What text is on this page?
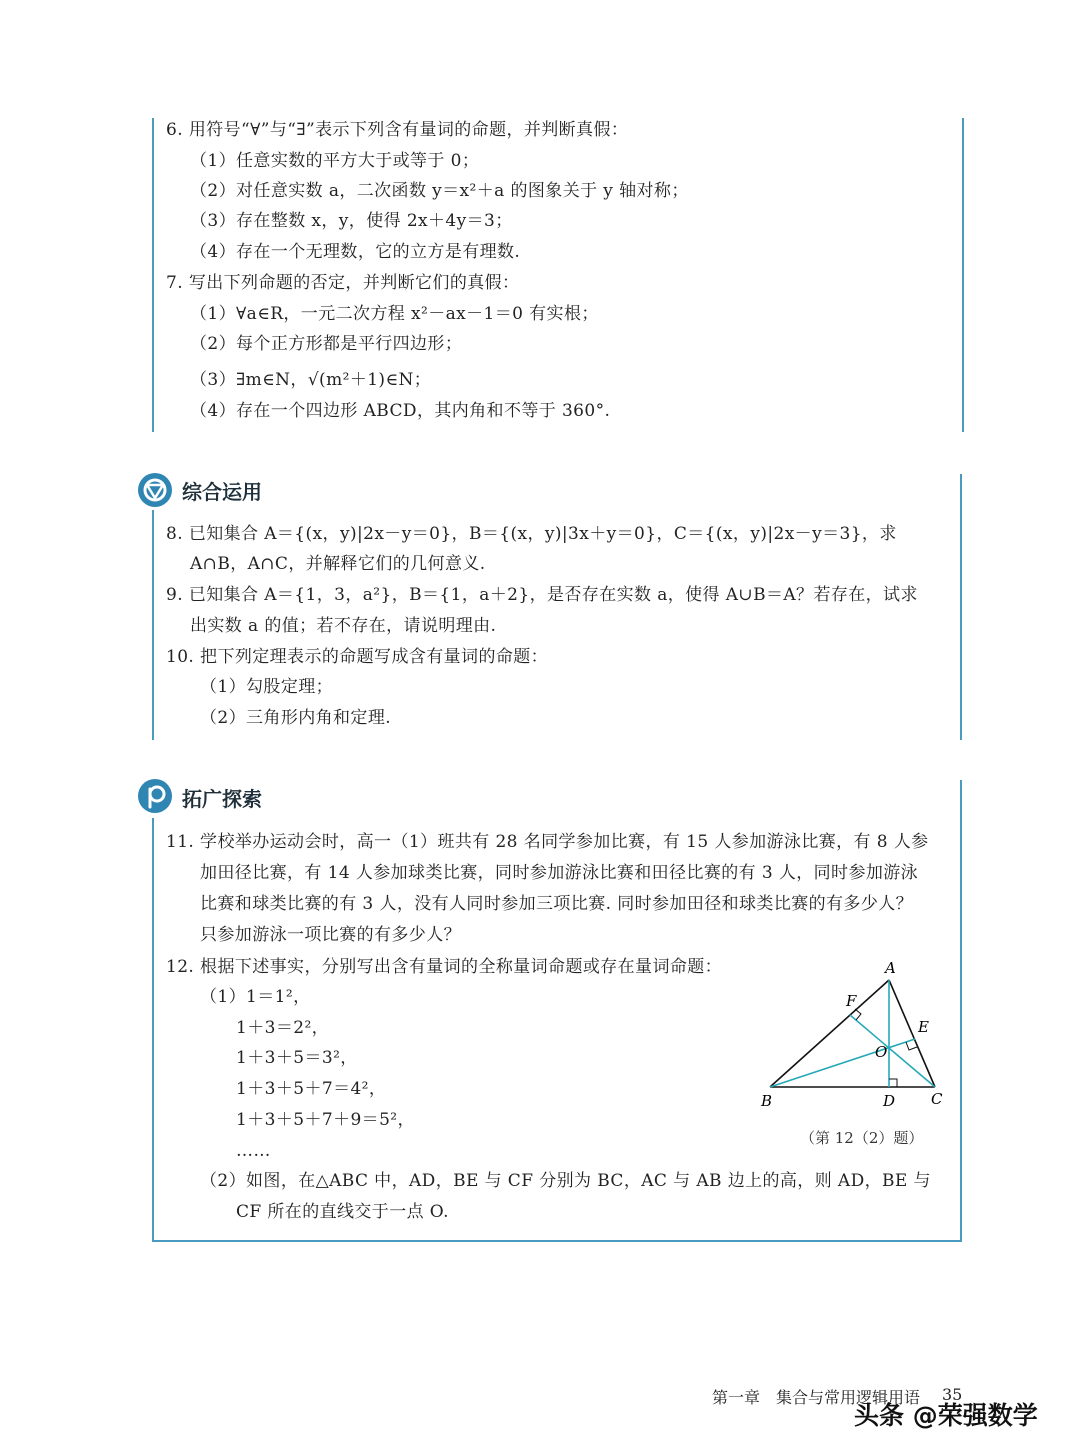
6. 用符号“∀”与“∃”表示下列含有量词的命题，并判断真假：
（1）任意实数的平方大于或等于 0；
（2）对任意实数 a，二次函数 y＝x²＋a 的图象关于 y 轴对称；
（3）存在整数 x，y，使得 2x＋4y＝3；
（4）存在一个无理数，它的立方是有理数.
7. 写出下列命题的否定，并判断它们的真假：
（1）∀a∈R，一元二次方程 x²－ax－1＝0 有实根；
（2）每个正方形都是平行四边形；
（3）∃m∈N，√(m²＋1)∈N；
（4）存在一个四边形 ABCD，其内角和不等于 360°.
综合运用
8. 已知集合 A＝{(x，y)|2x－y＝0}，B＝{(x，y)|3x＋y＝0}，C＝{(x，y)|2x－y＝3}，求
A∩B，A∩C，并解释它们的几何意义.
9. 已知集合 A＝{1，3，a²}，B＝{1，a＋2}，是否存在实数 a，使得 A∪B＝A？若存在，试求
出实数 a 的值；若不存在，请说明理由.
10. 把下列定理表示的命题写成含有量词的命题：
（1）勾股定理；
（2）三角形内角和定理.
拓广探索
11. 学校举办运动会时，高一（1）班共有 28 名同学参加比赛，有 15 人参加游泳比赛，有 8 人参
加田径比赛，有 14 人参加球类比赛，同时参加游泳比赛和田径比赛的有 3 人，同时参加游泳
比赛和球类比赛的有 3 人，没有人同时参加三项比赛. 同时参加田径和球类比赛的有多少人？
只参加游泳一项比赛的有多少人？
12. 根据下述事实，分别写出含有量词的全称量词命题或存在量词命题：
（1）1＝1²，
1＋3＝2²，
1＋3＋5＝3²，
1＋3＋5＋7＝4²，
1＋3＋5＋7＋9＝5²，
……
（2）如图，在△ABC 中，AD，BE 与 CF 分别为 BC，AC 与 AB 边上的高，则 AD，BE 与
CF 所在的直线交于一点 O.
A
B	C
D
E
F
O
（第 12（2）题）
第一章　集合与常用逻辑用语 35
头条 @荣强数学
